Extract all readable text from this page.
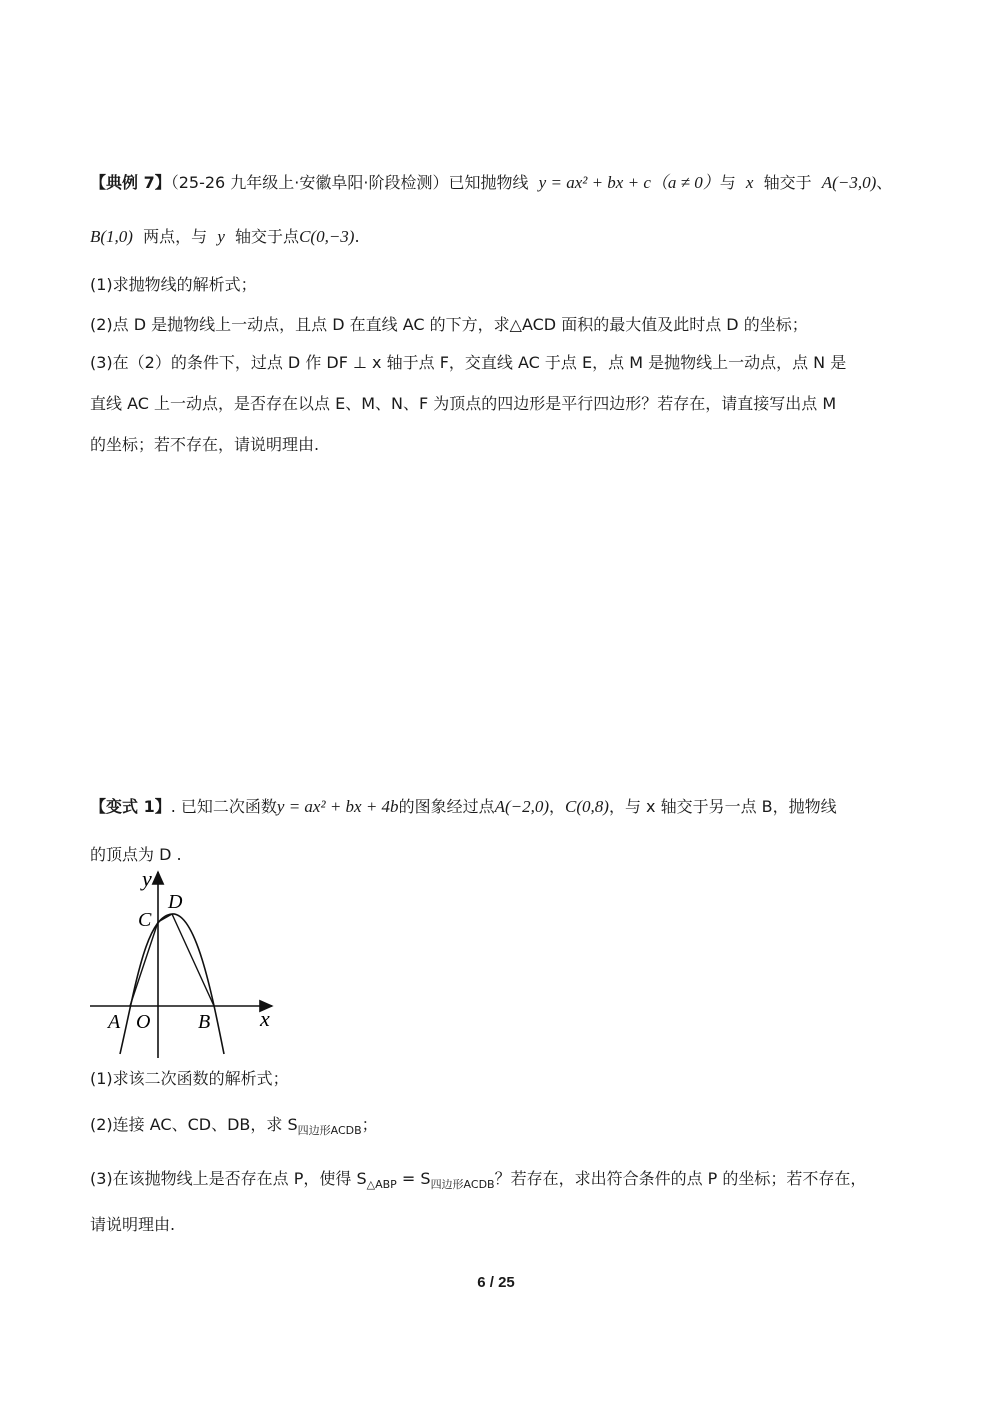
【典例 7】（25-26 九年级上·安徽阜阳·阶段检测）已知抛物线 y = ax² + bx + c（a ≠ 0）与 x 轴交于 A(−3,0)、
B(1,0) 两点，与 y 轴交于点C(0,−3).
(1)求抛物线的解析式；
(2)点 D 是抛物线上一动点，且点 D 在直线 AC 的下方，求△ACD 面积的最大值及此时点 D 的坐标；
(3)在（2）的条件下，过点 D 作 DF ⊥ x 轴于点 F，交直线 AC 于点 E，点 M 是抛物线上一动点，点 N 是
直线 AC 上一动点，是否存在以点 E、M、N、F 为顶点的四边形是平行四边形？若存在，请直接写出点 M
的坐标；若不存在，请说明理由.
【变式 1】. 已知二次函数y = ax² + bx + 4b的图象经过点A(−2,0)，C(0,8)，与 x 轴交于另一点 B，抛物线
的顶点为 D .
y
x
C
D
A O B
(1)求该二次函数的解析式；
(2)连接 AC、CD、DB，求 $S_{四边形ACDB}$；
(3)在该抛物线上是否存在点 P，使得 $S_{\triangle ABP} = S_{四边形ACDB}$？若存在，求出符合条件的点 P 的坐标；若不存在，
请说明理由.
6 / 25
